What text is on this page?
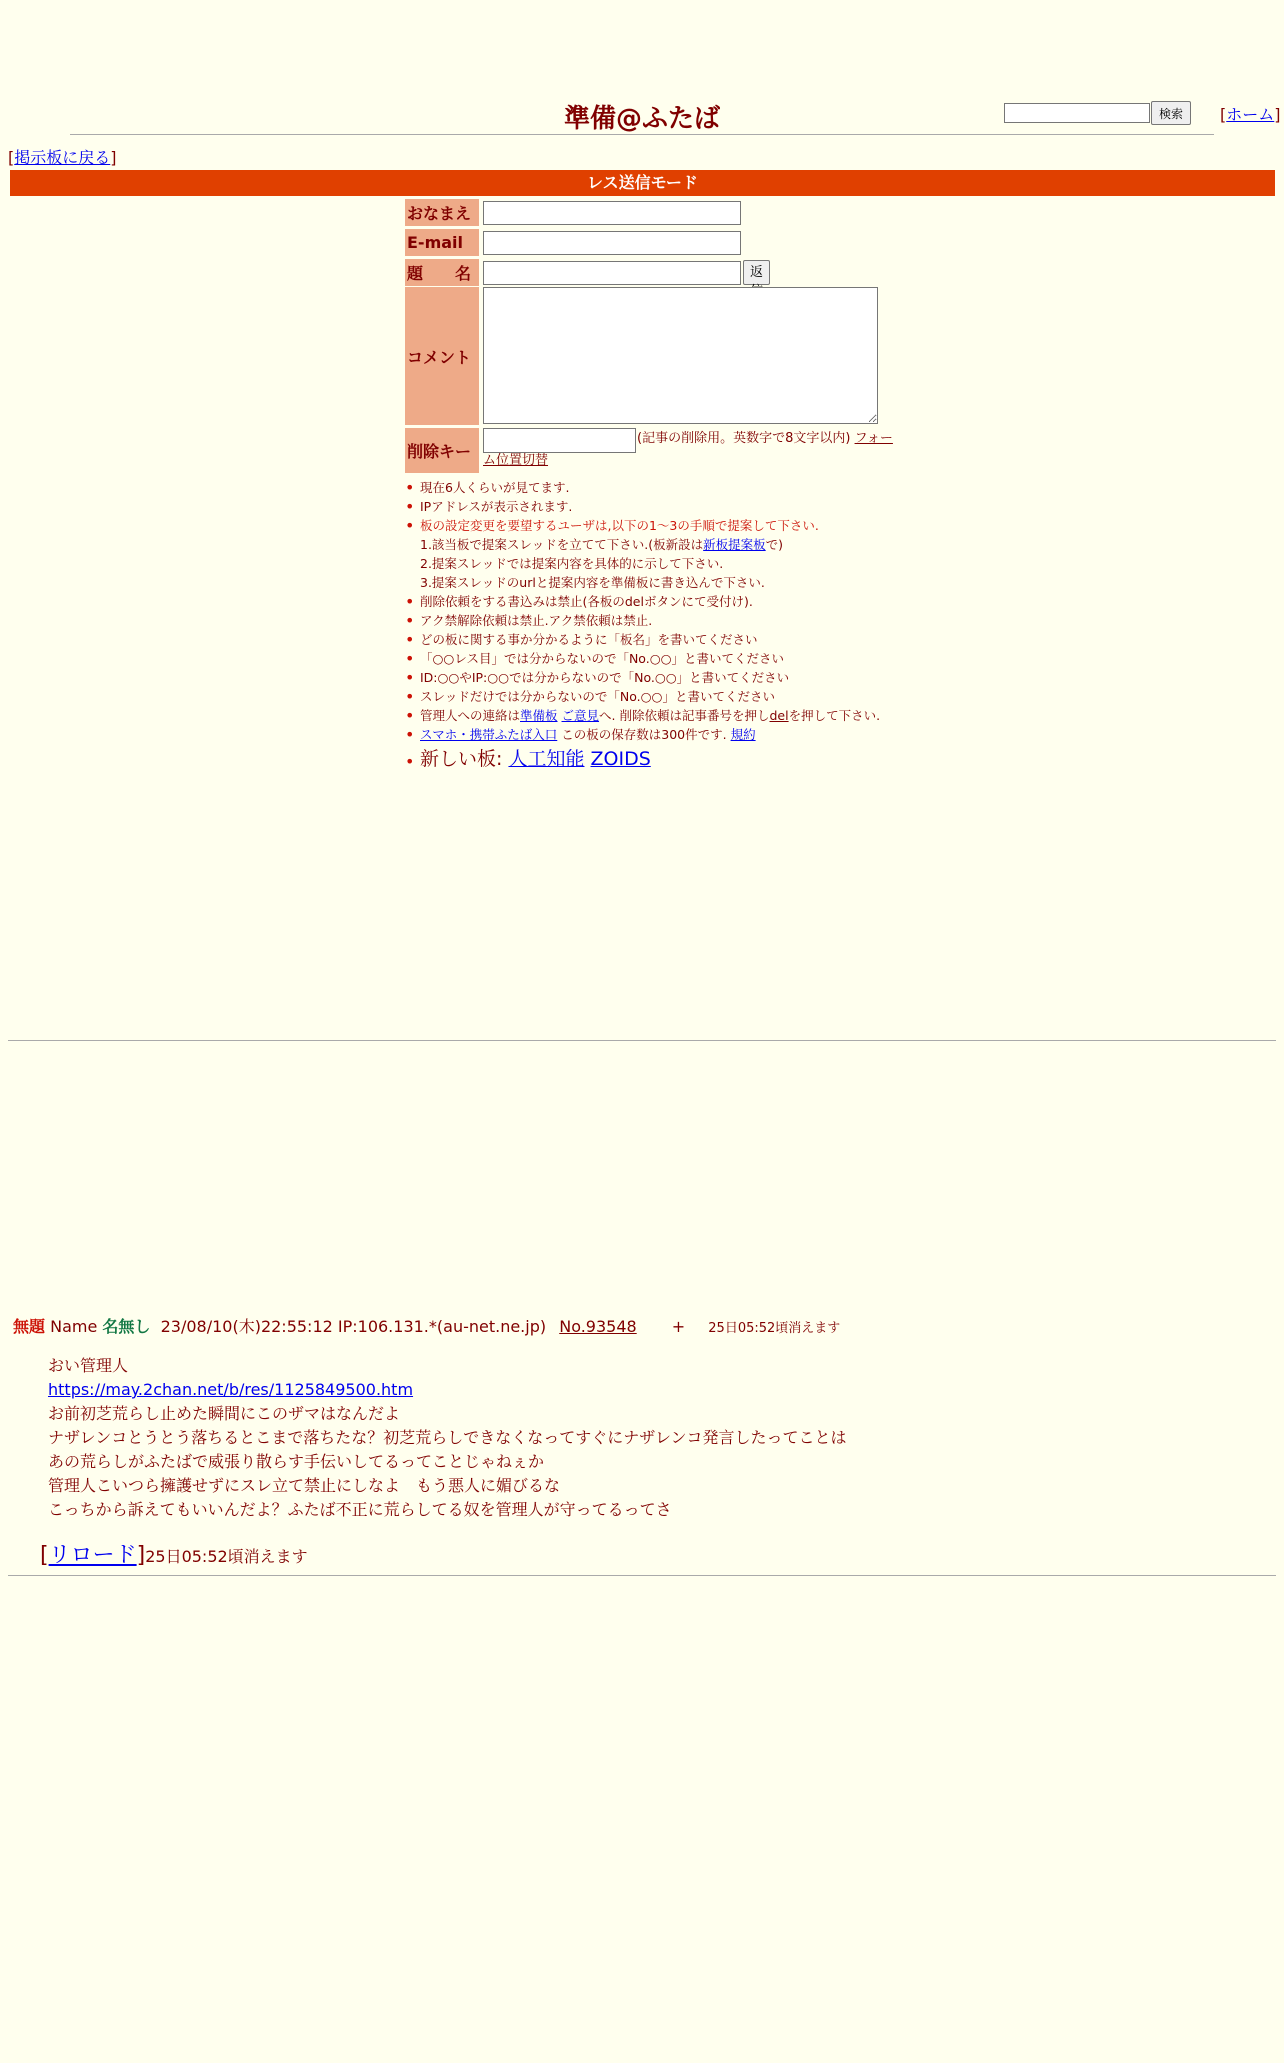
準備@ふたば	検索	[ホーム]
[掲示板に戻る]
レス送信モード
おなまえ
E-mail
題　　名	返
コメント
削除キー
(記事の削除用。英数字で8文字以内) フォーム位置切替
• 現在6人くらいが見てます.
• IPアドレスが表示されます.
• 板の設定変更を要望するユーザは,以下の1〜3の手順で提案して下さい.
1.該当板で提案スレッドを立てて下さい.(板新設は新板提案板で)
2.提案スレッドでは提案内容を具体的に示して下さい.
3.提案スレッドのurlと提案内容を準備板に書き込んで下さい.
• 削除依頼をする書込みは禁止(各板のdelボタンにて受付け).
• アク禁解除依頼は禁止.アク禁依頼は禁止.
• どの板に関する事か分かるように「板名」を書いてください
• 「○○レス目」では分からないので「No.○○」と書いてください
• ID:○○やIP:○○では分からないので「No.○○」と書いてください
• スレッドだけでは分からないので「No.○○」と書いてください
• 管理人への連絡は準備板 ご意見へ. 削除依頼は記事番号を押しdelを押して下さい.
• スマホ・携帯ふたば入口 この板の保存数は300件です. 規約
• 新しい板: 人工知能 ZOIDS
無題 Name 名無し 23/08/10(木)22:55:12 IP:106.131.*(au-net.ne.jp) No.93548 + 25日05:52頃消えます
おい管理人
https://may.2chan.net/b/res/1125849500.htm
お前初芝荒らし止めた瞬間にこのザマはなんだよ
ナザレンコとうとう落ちるとこまで落ちたな？初芝荒らしできなくなってすぐにナザレンコ発言したってことは
あの荒らしがふたばで威張り散らす手伝いしてるってことじゃねぇか
管理人こいつら擁護せずにスレ立て禁止にしなよ　もう悪人に媚びるな
こっちから訴えてもいいんだよ？ふたば不正に荒らしてる奴を管理人が守ってるってさ
[リロード]25日05:52頃消えます
